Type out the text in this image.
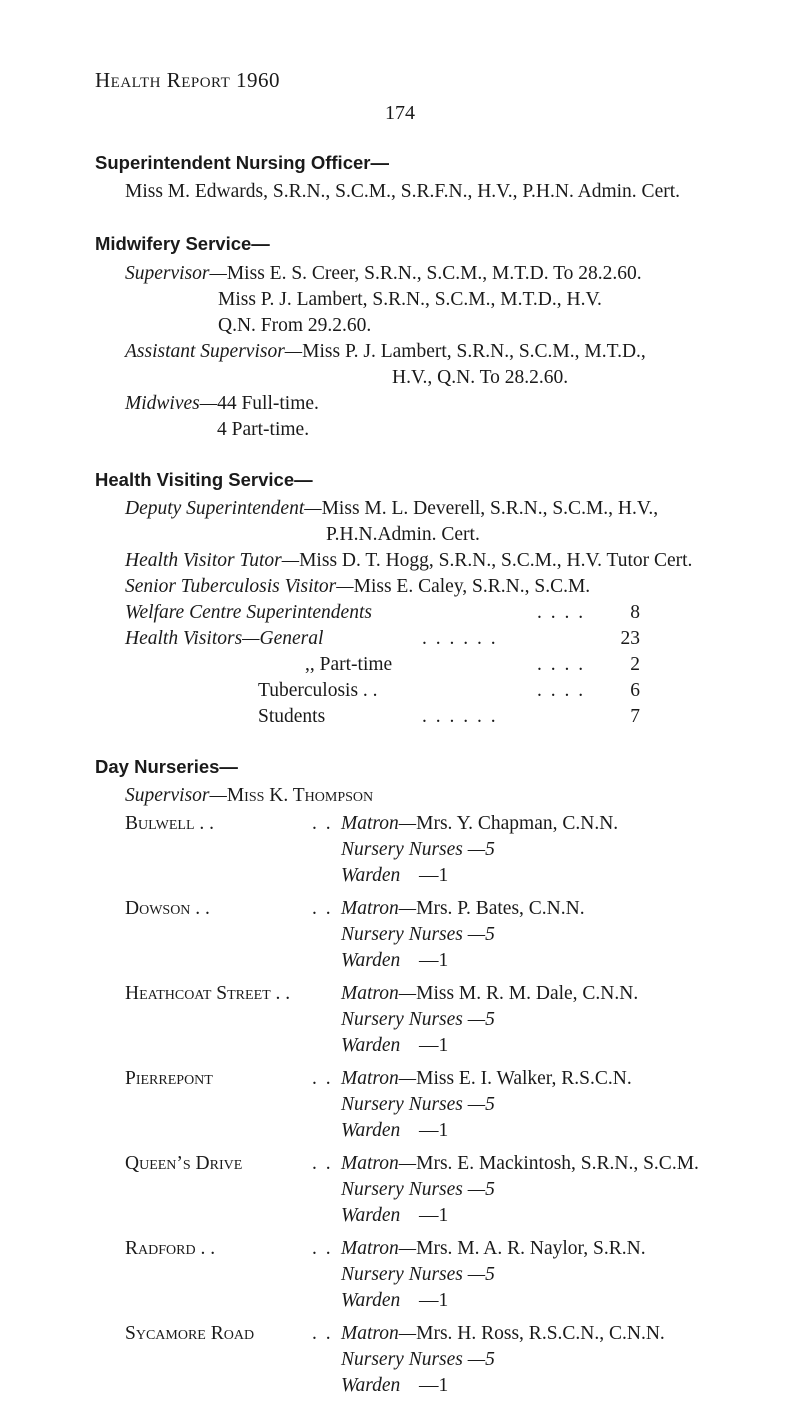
Health Report 1960
174
Superintendent Nursing Officer—
Miss M. Edwards, S.R.N., S.C.M., S.R.F.N., H.V., P.H.N. Admin. Cert.
Midwifery Service—
Supervisor—Miss E. S. Creer, S.R.N., S.C.M., M.T.D. To 28.2.60.
Miss P. J. Lambert, S.R.N., S.C.M., M.T.D., H.V.
Q.N. From 29.2.60.
Assistant Supervisor—Miss P. J. Lambert, S.R.N., S.C.M., M.T.D.,
H.V., Q.N. To 28.2.60.
Midwives—44 Full-time.
4 Part-time.
Health Visiting Service—
Deputy Superintendent—Miss M. L. Deverell, S.R.N., S.C.M., H.V.,
P.H.N.Admin. Cert.
Health Visitor Tutor—Miss D. T. Hogg, S.R.N., S.C.M., H.V. Tutor Cert.
Senior Tuberculosis Visitor—Miss E. Caley, S.R.N., S.C.M.
Welfare Centre Superintendents	. . . .	8
Health Visitors—General	. . . . . .	23
,, Part-time	. . . .	2
Tuberculosis . .	. . . .	6
Students	. . . . . .	7
Day Nurseries—
Supervisor—Miss K. Thompson
Bulwell . .	. . Matron—Mrs. Y. Chapman, C.N.N.
Nursery Nurses —5
Warden —1
Dowson . .	. . Matron—Mrs. P. Bates, C.N.N.
Nursery Nurses —5
Warden —1
Heathcoat Street . .	Matron—Miss M. R. M. Dale, C.N.N.
Nursery Nurses —5
Warden —1
Pierrepont	. . Matron—Miss E. I. Walker, R.S.C.N.
Nursery Nurses —5
Warden —1
Queen’s Drive	. . Matron—Mrs. E. Mackintosh, S.R.N., S.C.M.
Nursery Nurses —5
Warden —1
Radford . .	. . Matron—Mrs. M. A. R. Naylor, S.R.N.
Nursery Nurses —5
Warden —1
Sycamore Road	. . Matron—Mrs. H. Ross, R.S.C.N., C.N.N.
Nursery Nurses —5
Warden —1
